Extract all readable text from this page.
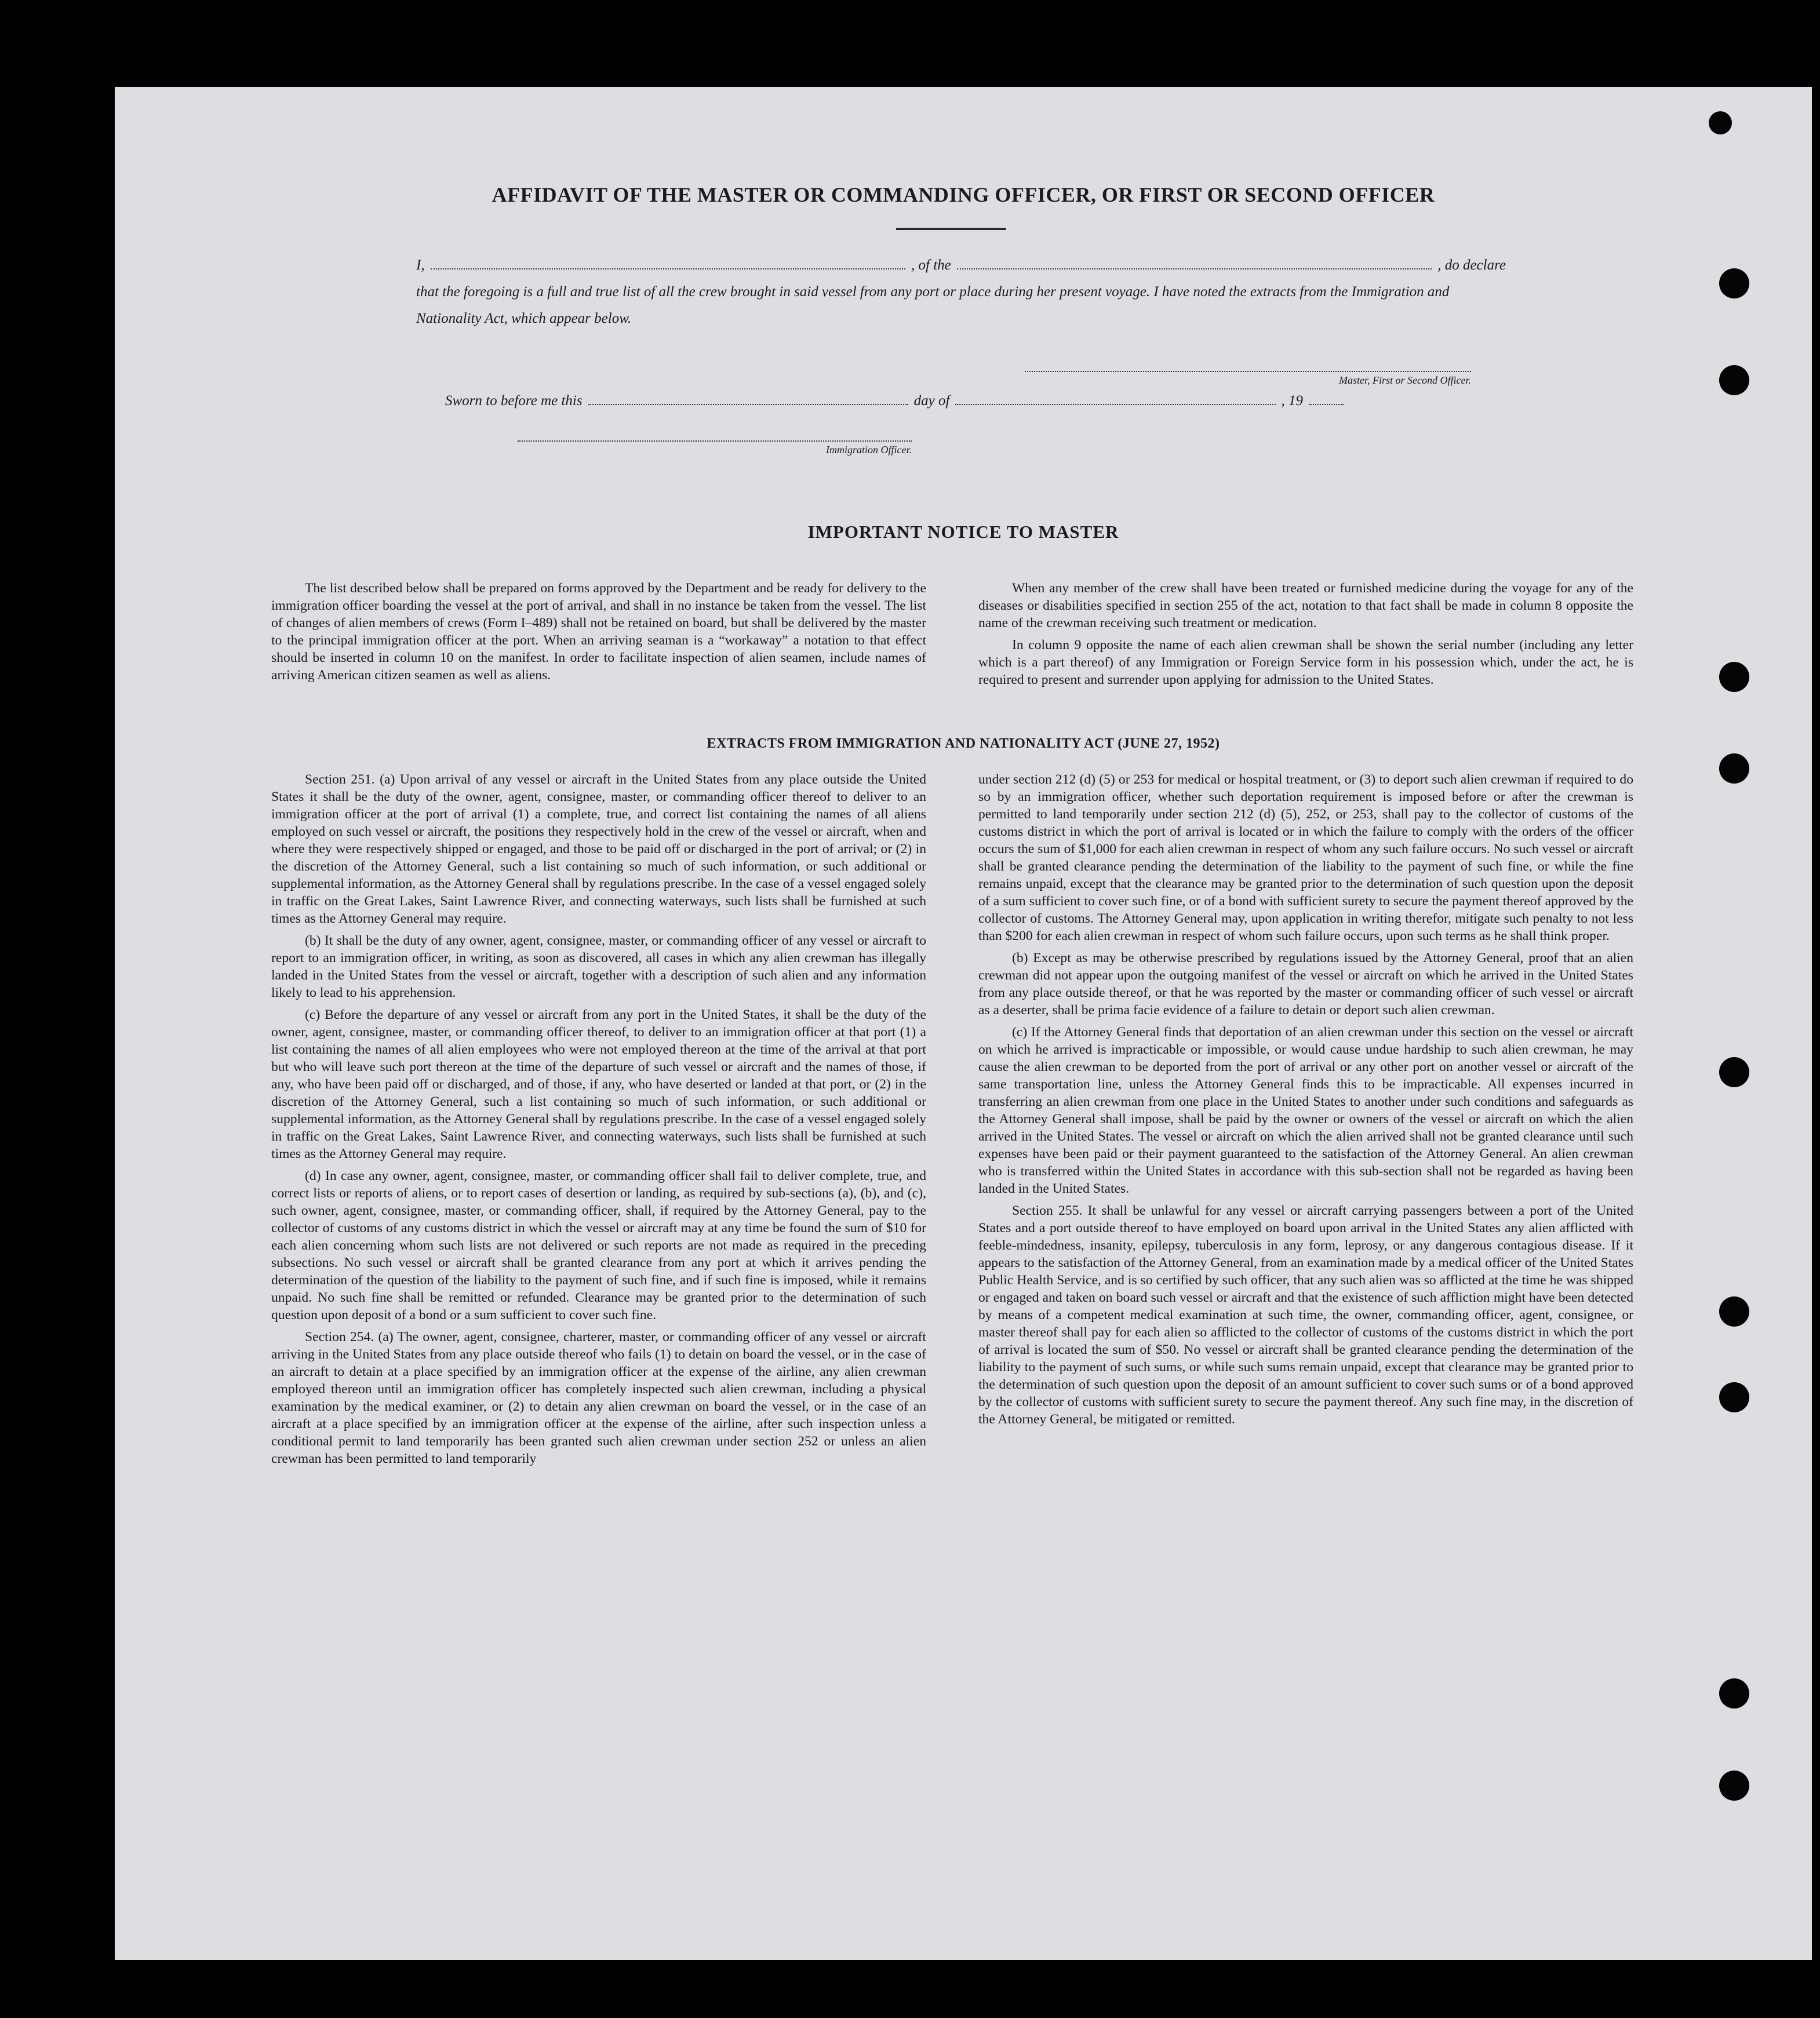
AFFIDAVIT OF THE MASTER OR COMMANDING OFFICER, OR FIRST OR SECOND OFFICER
I,	, of the	, do declare
that the foregoing is a full and true list of all the crew brought in said vessel from any port or place during her present voyage. I have noted the extracts from the Immigration and Nationality Act, which appear below.
Master, First or Second Officer.
Sworn to before me this	day of	, 19
Immigration Officer.
IMPORTANT NOTICE TO MASTER

The list described below shall be prepared on forms approved by the Department and be ready for delivery to the immigration officer boarding the vessel at the port of arrival, and shall in no instance be taken from the vessel. The list of changes of alien members of crews (Form I–489) shall not be retained on board, but shall be delivered by the master to the principal immigration officer at the port. When an arriving seaman is a “workaway” a notation to that effect should be inserted in column 10 on the manifest. In order to facilitate inspection of alien seamen, include names of arriving American citizen seamen as well as aliens.

When any member of the crew shall have been treated or furnished medicine during the voyage for any of the diseases or disabilities specified in section 255 of the act, notation to that fact shall be made in column 8 opposite the name of the crewman receiving such treatment or medication.

In column 9 opposite the name of each alien crewman shall be shown the serial number (including any letter which is a part thereof) of any Immigration or Foreign Service form in his possession which, under the act, he is required to present and surrender upon applying for admission to the United States.

EXTRACTS FROM IMMIGRATION AND NATIONALITY ACT (JUNE 27, 1952)

Section 251. (a) Upon arrival of any vessel or aircraft in the United States from any place outside the United States it shall be the duty of the owner, agent, consignee, master, or commanding officer thereof to deliver to an immigration officer at the port of arrival (1) a complete, true, and correct list containing the names of all aliens employed on such vessel or aircraft, the positions they respectively hold in the crew of the vessel or aircraft, when and where they were respectively shipped or engaged, and those to be paid off or discharged in the port of arrival; or (2) in the discretion of the Attorney General, such a list containing so much of such information, or such additional or supplemental information, as the Attorney General shall by regulations prescribe. In the case of a vessel engaged solely in traffic on the Great Lakes, Saint Lawrence River, and connecting waterways, such lists shall be furnished at such times as the Attorney General may require.

(b) It shall be the duty of any owner, agent, consignee, master, or commanding officer of any vessel or aircraft to report to an immigration officer, in writing, as soon as discovered, all cases in which any alien crewman has illegally landed in the United States from the vessel or aircraft, together with a description of such alien and any information likely to lead to his apprehension.

(c) Before the departure of any vessel or aircraft from any port in the United States, it shall be the duty of the owner, agent, consignee, master, or commanding officer thereof, to deliver to an immigration officer at that port (1) a list containing the names of all alien employees who were not employed thereon at the time of the arrival at that port but who will leave such port thereon at the time of the departure of such vessel or aircraft and the names of those, if any, who have been paid off or discharged, and of those, if any, who have deserted or landed at that port, or (2) in the discretion of the Attorney General, such a list containing so much of such information, or such additional or supplemental information, as the Attorney General shall by regulations prescribe. In the case of a vessel engaged solely in traffic on the Great Lakes, Saint Lawrence River, and connecting waterways, such lists shall be furnished at such times as the Attorney General may require.

(d) In case any owner, agent, consignee, master, or commanding officer shall fail to deliver complete, true, and correct lists or reports of aliens, or to report cases of desertion or landing, as required by sub-sections (a), (b), and (c), such owner, agent, consignee, master, or commanding officer, shall, if required by the Attorney General, pay to the collector of customs of any customs district in which the vessel or aircraft may at any time be found the sum of $10 for each alien concerning whom such lists are not delivered or such reports are not made as required in the preceding subsections. No such vessel or aircraft shall be granted clearance from any port at which it arrives pending the determination of the question of the liability to the payment of such fine, and if such fine is imposed, while it remains unpaid. No such fine shall be remitted or refunded. Clearance may be granted prior to the determination of such question upon deposit of a bond or a sum sufficient to cover such fine.

Section 254. (a) The owner, agent, consignee, charterer, master, or commanding officer of any vessel or aircraft arriving in the United States from any place outside thereof who fails (1) to detain on board the vessel, or in the case of an aircraft to detain at a place specified by an immigration officer at the expense of the airline, any alien crewman employed thereon until an immigration officer has completely inspected such alien crewman, including a physical examination by the medical examiner, or (2) to detain any alien crewman on board the vessel, or in the case of an aircraft at a place specified by an immigration officer at the expense of the airline, after such inspection unless a conditional permit to land temporarily has been granted such alien crewman under section 252 or unless an alien crewman has been permitted to land temporarily

under section 212 (d) (5) or 253 for medical or hospital treatment, or (3) to deport such alien crewman if required to do so by an immigration officer, whether such deportation requirement is imposed before or after the crewman is permitted to land temporarily under section 212 (d) (5), 252, or 253, shall pay to the collector of customs of the customs district in which the port of arrival is located or in which the failure to comply with the orders of the officer occurs the sum of $1,000 for each alien crewman in respect of whom any such failure occurs. No such vessel or aircraft shall be granted clearance pending the determination of the liability to the payment of such fine, or while the fine remains unpaid, except that the clearance may be granted prior to the determination of such question upon the deposit of a sum sufficient to cover such fine, or of a bond with sufficient surety to secure the payment thereof approved by the collector of customs. The Attorney General may, upon application in writing therefor, mitigate such penalty to not less than $200 for each alien crewman in respect of whom such failure occurs, upon such terms as he shall think proper.

(b) Except as may be otherwise prescribed by regulations issued by the Attorney General, proof that an alien crewman did not appear upon the outgoing manifest of the vessel or aircraft on which he arrived in the United States from any place outside thereof, or that he was reported by the master or commanding officer of such vessel or aircraft as a deserter, shall be prima facie evidence of a failure to detain or deport such alien crewman.

(c) If the Attorney General finds that deportation of an alien crewman under this section on the vessel or aircraft on which he arrived is impracticable or impossible, or would cause undue hardship to such alien crewman, he may cause the alien crewman to be deported from the port of arrival or any other port on another vessel or aircraft of the same transportation line, unless the Attorney General finds this to be impracticable. All expenses incurred in transferring an alien crewman from one place in the United States to another under such conditions and safeguards as the Attorney General shall impose, shall be paid by the owner or owners of the vessel or aircraft on which the alien arrived in the United States. The vessel or aircraft on which the alien arrived shall not be granted clearance until such expenses have been paid or their payment guaranteed to the satisfaction of the Attorney General. An alien crewman who is transferred within the United States in accordance with this sub-section shall not be regarded as having been landed in the United States.

Section 255. It shall be unlawful for any vessel or aircraft carrying passengers between a port of the United States and a port outside thereof to have employed on board upon arrival in the United States any alien afflicted with feeble-mindedness, insanity, epilepsy, tuberculosis in any form, leprosy, or any dangerous contagious disease. If it appears to the satisfaction of the Attorney General, from an examination made by a medical officer of the United States Public Health Service, and is so certified by such officer, that any such alien was so afflicted at the time he was shipped or engaged and taken on board such vessel or aircraft and that the existence of such affliction might have been detected by means of a competent medical examination at such time, the owner, commanding officer, agent, consignee, or master thereof shall pay for each alien so afflicted to the collector of customs of the customs district in which the port of arrival is located the sum of $50. No vessel or aircraft shall be granted clearance pending the determination of the liability to the payment of such sums, or while such sums remain unpaid, except that clearance may be granted prior to the determination of such question upon the deposit of an amount sufficient to cover such sums or of a bond approved by the collector of customs with sufficient surety to secure the payment thereof. Any such fine may, in the discretion of the Attorney General, be mitigated or remitted.
